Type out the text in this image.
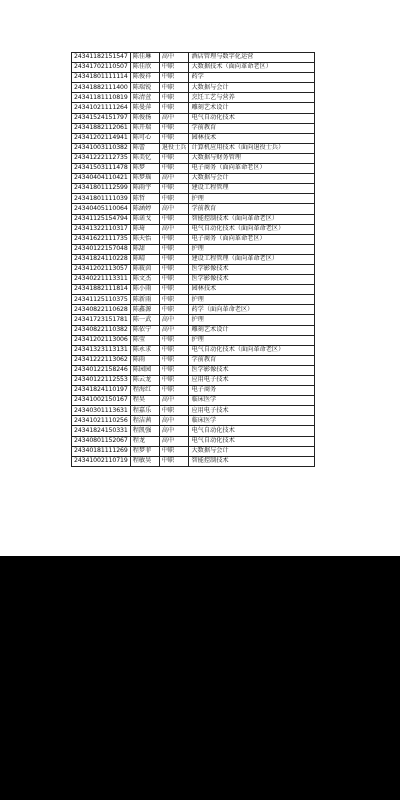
24341182151547	陈佳琳	高中	酒店管理与数字化运营
24341702110507	陈佳欣	中职	大数据技术（面向革命老区）
24341801111114	陈俊祥	中职	药学
24341882111400	陈瑞锐	中职	大数据与会计
24341181110819	陈清萱	中职	烹饪工艺与营养
24341021111264	陈曼萍	中职	雕刻艺术设计
24341524151797	陈俊扬	高中	电气自动化技术
24341882112061	陈开瑞	中职	学前教育
24341202114941	陈可心	中职	园林技术
24341003110382	陈蕾	退役士兵	计算机应用技术（面向退役士兵）
24341222112735	陈美忆	中职	大数据与财务管理
24341503111478	陈梦	中职	电子商务（面向革命老区）
24340404110421	陈梦瑶	高中	大数据与会计
24341801112599	陈雨宇	中职	建设工程管理
24341801111039	陈哲	中职	护理
24340405110064	陈涵婷	高中	学前教育
24341125154794	陈诺戈	中职	智能控制技术（面向革命老区）
24341322110317	陈琦	高中	电气自动化技术（面向革命老区）
24341622111735	陈天怡	中职	电子商务（面向革命老区）
24340122157048	陈甜	中职	护理
24341824110228	陈晴	中职	建设工程管理（面向革命老区）
24341202113057	陈筱茵	中职	医学影像技术
24340221113311	陈文杰	中职	医学影像技术
24341882111814	陈小雨	中职	园林技术
24341125110375	陈新雨	中职	护理
24340822110628	陈鑫源	中职	药学（面向革命老区）
24341723151781	陈一武	高中	护理
24340822110382	陈依宁	高中	雕刻艺术设计
24341202113006	陈莹	中职	护理
24341323113131	陈永求	中职	电气自动化技术（面向革命老区）
24341222113062	陈雨	中职	学前教育
24340122158246	陈园园	中职	医学影像技术
24340122112553	陈云龙	中职	应用电子技术
24341824110197	程海红	中职	电子商务
24341002150167	程昊	高中	临床医学
24340301113631	程嘉乐	中职	应用电子技术
24341021110256	程洁茜	高中	临床医学
24341824150331	程凯强	高中	电气自动化技术
24340801152067	程龙	高中	电气自动化技术
24340181111269	程梦菲	中职	大数据与会计
24341002110719	程敏昊	中职	智能控制技术
